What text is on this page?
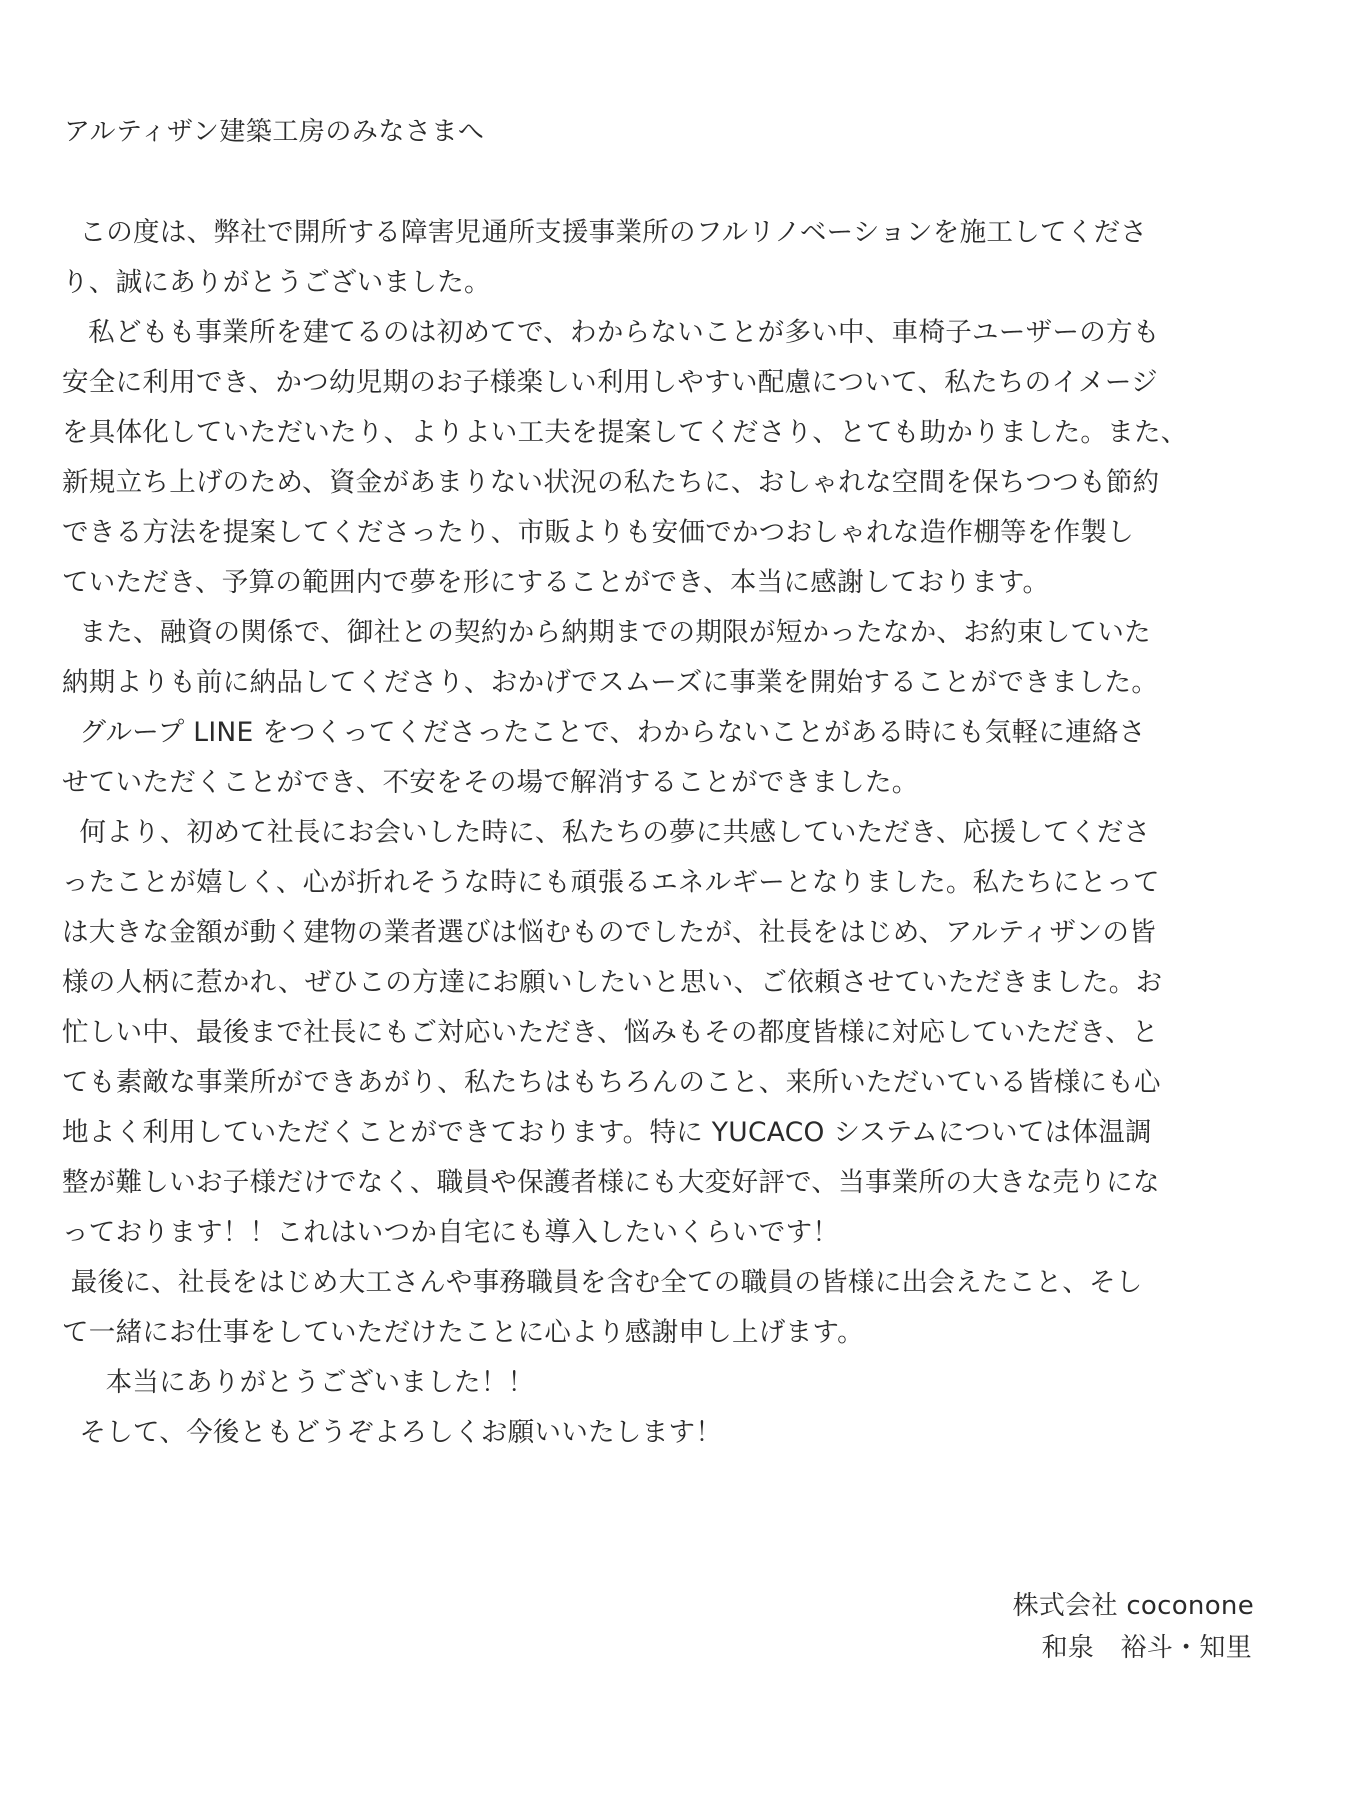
アルティザン建築工房のみなさまへ
この度は、弊社で開所する障害児通所支援事業所のフルリノベーションを施工してくださ
り、誠にありがとうございました。
私どもも事業所を建てるのは初めてで、わからないことが多い中、車椅子ユーザーの方も
安全に利用でき、かつ幼児期のお子様楽しい利用しやすい配慮について、私たちのイメージ
を具体化していただいたり、よりよい工夫を提案してくださり、とても助かりました。また、
新規立ち上げのため、資金があまりない状況の私たちに、おしゃれな空間を保ちつつも節約
できる方法を提案してくださったり、市販よりも安価でかつおしゃれな造作棚等を作製し
ていただき、予算の範囲内で夢を形にすることができ、本当に感謝しております。
また、融資の関係で、御社との契約から納期までの期限が短かったなか、お約束していた
納期よりも前に納品してくださり、おかげでスムーズに事業を開始することができました。
グループ LINE をつくってくださったことで、わからないことがある時にも気軽に連絡さ
せていただくことができ、不安をその場で解消することができました。
何より、初めて社長にお会いした時に、私たちの夢に共感していただき、応援してくださ
ったことが嬉しく、心が折れそうな時にも頑張るエネルギーとなりました。私たちにとって
は大きな金額が動く建物の業者選びは悩むものでしたが、社長をはじめ、アルティザンの皆
様の人柄に惹かれ、ぜひこの方達にお願いしたいと思い、ご依頼させていただきました。お
忙しい中、最後まで社長にもご対応いただき、悩みもその都度皆様に対応していただき、と
ても素敵な事業所ができあがり、私たちはもちろんのこと、来所いただいている皆様にも心
地よく利用していただくことができております。特に YUCACO システムについては体温調
整が難しいお子様だけでなく、職員や保護者様にも大変好評で、当事業所の大きな売りにな
っております！！これはいつか自宅にも導入したいくらいです！
最後に、社長をはじめ大工さんや事務職員を含む全ての職員の皆様に出会えたこと、そし
て一緒にお仕事をしていただけたことに心より感謝申し上げます。
本当にありがとうございました！！
そして、今後ともどうぞよろしくお願いいたします！
株式会社 coconone
和泉　裕斗・知里
